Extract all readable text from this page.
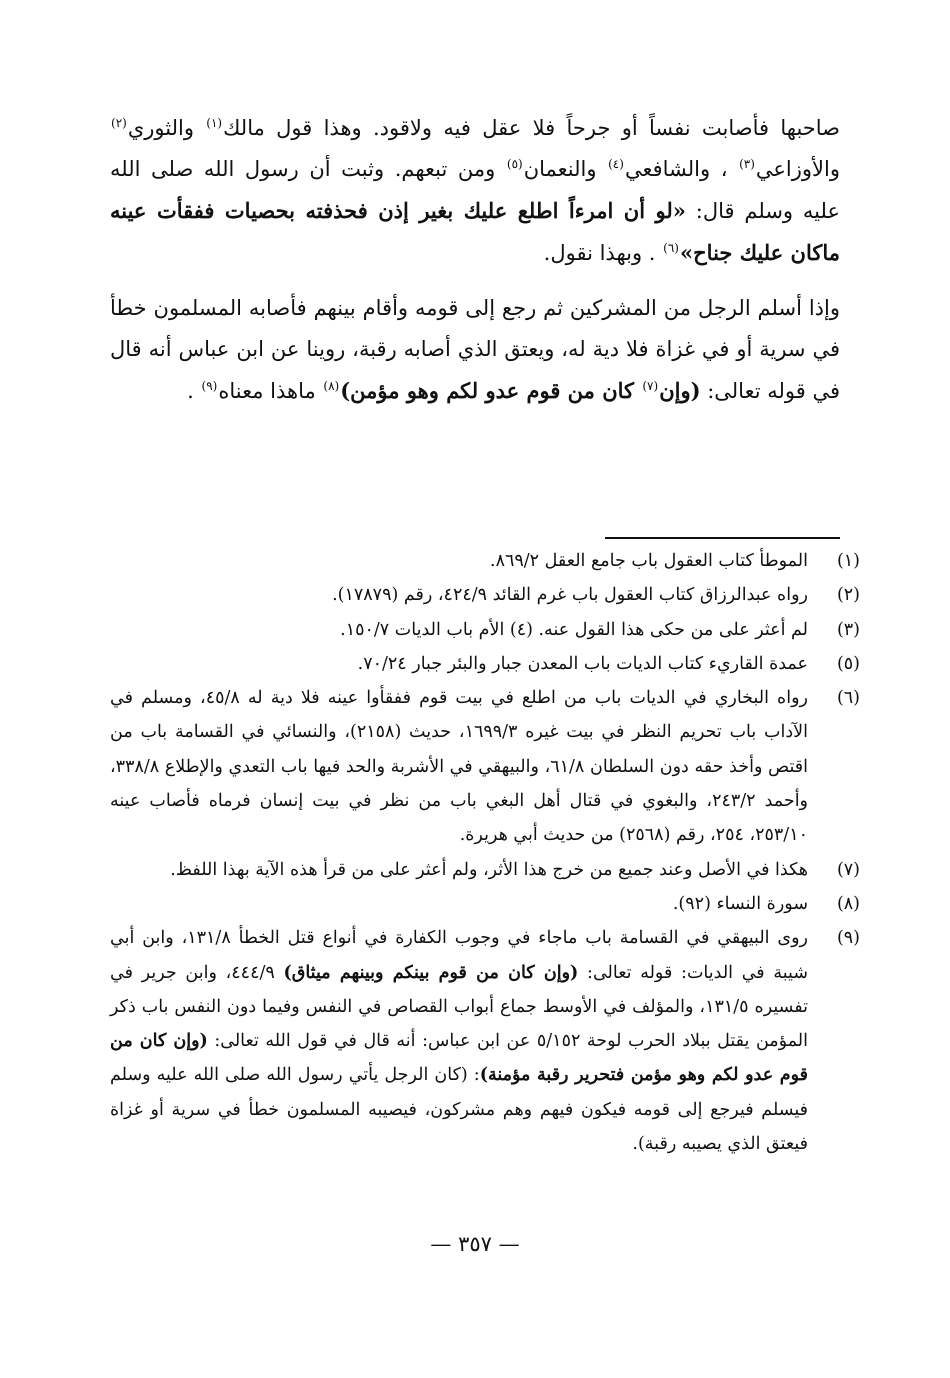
صاحبها فأصابت نفساً أو جرحاً فلا عقل فيه ولاقود. وهذا قول مالك$^{(١)}$ والثوري$^{(٢)}$ والأوزاعي$^{(٣)}$ ، والشافعي$^{(٤)}$ والنعمان$^{(٥)}$ ومن تبعهم. وثبت أن رسول الله صلى الله عليه وسلم قال: «لو أن امرءاً اطلع عليك بغير إذن فحذفته بحصيات ففقأت عينه ماكان عليك جناح»$^{(٦)}$ . وبهذا نقول.

وإذا أسلم الرجل من المشركين ثم رجع إلى قومه وأقام بينهم فأصابه المسلمون خطأ في سرية أو في غزاة فلا دية له، ويعتق الذي أصابه رقبة، روينا عن ابن عباس أنه قال في قوله تعالى: (وإن$^{(٧)}$ كان من قوم عدو لكم وهو مؤمن)$^{(٨)}$ ماهذا معناه$^{(٩)}$ .

(١)
الموطأ كتاب العقول باب جامع العقل ٨٦٩/٢.
(٢)
رواه عبدالرزاق كتاب العقول باب غرم القائد ٤٢٤/٩، رقم (١٧٨٧٩).
(٣)
لم أعثر على من حكى هذا القول عنه. (٤) الأم باب الديات ١٥٠/٧.
(٥)
عمدة القاريء كتاب الديات باب المعدن جبار والبئر جبار ٧٠/٢٤.
(٦)
رواه البخاري في الديات باب من اطلع في بيت قوم ففقأوا عينه فلا دية له ٤٥/٨، ومسلم في الآداب باب تحريم النظر في بيت غيره ١٦٩٩/٣، حديث (٢١٥٨)، والنسائي في القسامة باب من اقتص وأخذ حقه دون السلطان ٦١/٨، والبيهقي في الأشربة والحد فيها باب التعدي والإطلاع ٣٣٨/٨، وأحمد ٢٤٣/٢، والبغوي في قتال أهل البغي باب من نظر في بيت إنسان فرماه فأصاب عينه ٢٥٣/١٠، ٢٥٤، رقم (٢٥٦٨) من حديث أبي هريرة.
(٧)
هكذا في الأصل وعند جميع من خرج هذا الأثر، ولم أعثر على من قرأ هذه الآية بهذا اللفظ.
(٨)
سورة النساء (٩٢).
(٩)
روى البيهقي في القسامة باب ماجاء في وجوب الكفارة في أنواع قتل الخطأ ١٣١/٨، وابن أبي شيبة في الديات: قوله تعالى: (وإن كان من قوم بينكم وبينهم ميثاق) ٤٤٤/٩، وابن جرير في تفسيره ١٣١/٥، والمؤلف في الأوسط جماع أبواب القصاص في النفس وفيما دون النفس باب ذكر المؤمن يقتل ببلاد الحرب لوحة ٥/١٥٢ عن ابن عباس: أنه قال في قول الله تعالى: (وإن كان من قوم عدو لكم وهو مؤمن فتحرير رقبة مؤمنة): (كان الرجل يأتي رسول الله صلى الله عليه وسلم فيسلم فيرجع إلى قومه فيكون فيهم وهم مشركون، فيصيبه المسلمون خطأ في سرية أو غزاة فيعتق الذي يصيبه رقبة).
— ٣٥٧ —
